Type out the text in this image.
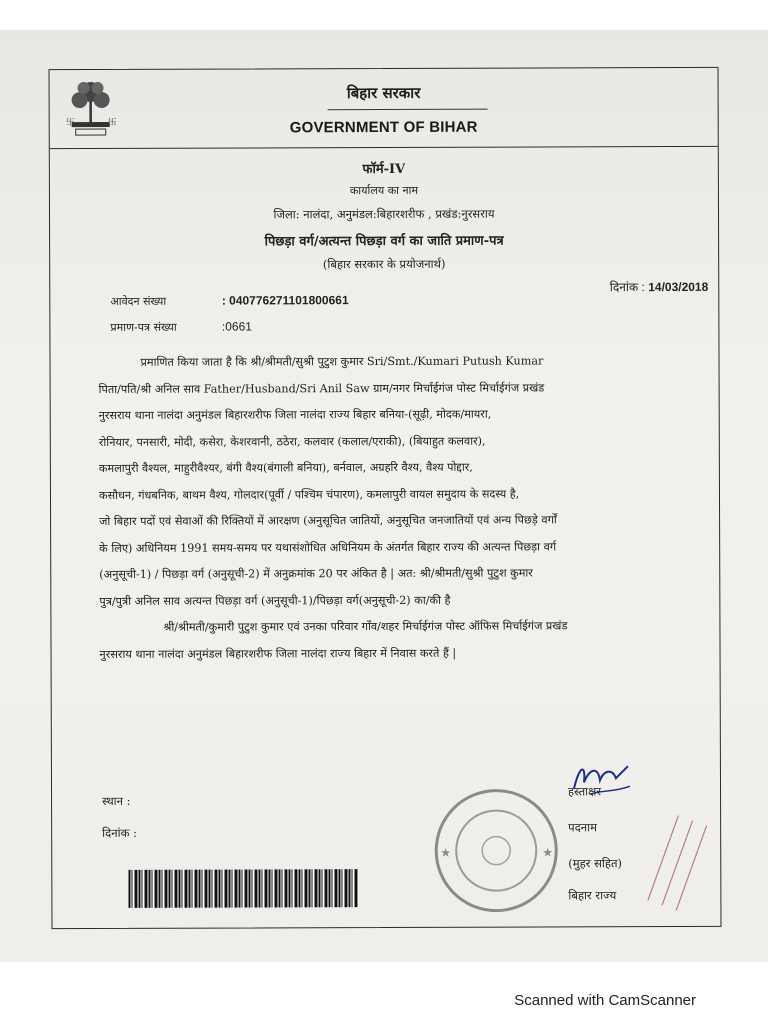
卐	卐
बिहार सरकार
GOVERNMENT OF BIHAR
फॉर्म-IV
कार्यालय का नाम
जिला: नालंदा, अनुमंडल:बिहारशरीफ , प्रखंड:नुरसराय
पिछड़ा वर्ग/अत्यन्त पिछड़ा वर्ग का जाति प्रमाण-पत्र
(बिहार सरकार के प्रयोजनार्थ)
दिनांक : 14/03/2018
आवेदन संख्या	: 040776271101800661
प्रमाण-पत्र संख्या	:0661
प्रमाणित किया जाता है कि श्री/श्रीमती/सुश्री पुटुश कुमार Sri/Smt./Kumari Putush Kumar
पिता/पति/श्री अनिल साव Father/Husband/Sri Anil Saw ग्राम/नगर मिर्चाईगंज पोस्ट मिर्चाईगंज प्रखंड
नुरसराय थाना नालंदा अनुमंडल बिहारशरीफ जिला नालंदा राज्य बिहार बनिया-(सूढ़ी, मोदक/मायरा,
रोनियार, पनसारी, मोदी, कसेरा, केशरवानी, ठठेरा, कलवार (कलाल/एराकी), (बियाहुत कलवार),
कमलापुरी वैश्यल, माहुरीवैश्यर, बंगी वैश्य(बंगाली बनिया), बर्नवाल, अग्रहरि वैश्य, वैश्य पोद्दार,
कसौधन, गंधबनिक, बाथम वैश्य, गोलदार(पूर्वी / पश्चिम चंपारण), कमलापुरी वायल समुदाय के सदस्य है,
जो बिहार पदों एवं सेवाओं की रिक्तियों में आरक्षण (अनुसूचित जातियों, अनुसूचित जनजातियों एवं अन्य पिछड़े वर्गों
के लिए) अधिनियम 1991 समय-समय पर यथासंशोधित अधिनियम के अंतर्गत बिहार राज्य की अत्यन्त पिछड़ा वर्ग
(अनुसूची-1) / पिछड़ा वर्ग (अनुसूची-2) में अनुक्रमांक 20 पर अंकित है | अत: श्री/श्रीमती/सुश्री पुटुश कुमार
पुत्र/पुत्री अनिल साव अत्यन्त पिछड़ा वर्ग (अनुसूची-1)/पिछड़ा वर्ग(अनुसूची-2) का/की है
श्री/श्रीमती/कुमारी पुटुश कुमार एवं उनका परिवार गाँव/शहर मिर्चाईगंज पोस्ट ऑफिस मिर्चाईगंज प्रखंड
नुरसराय थाना नालंदा अनुमंडल बिहारशरीफ जिला नालंदा राज्य बिहार में निवास करते हैं |
स्थान :
दिनांक :
★	★
हस्ताक्षर
पदनाम
(मुहर सहित)
बिहार राज्य
Scanned with CamScanner
